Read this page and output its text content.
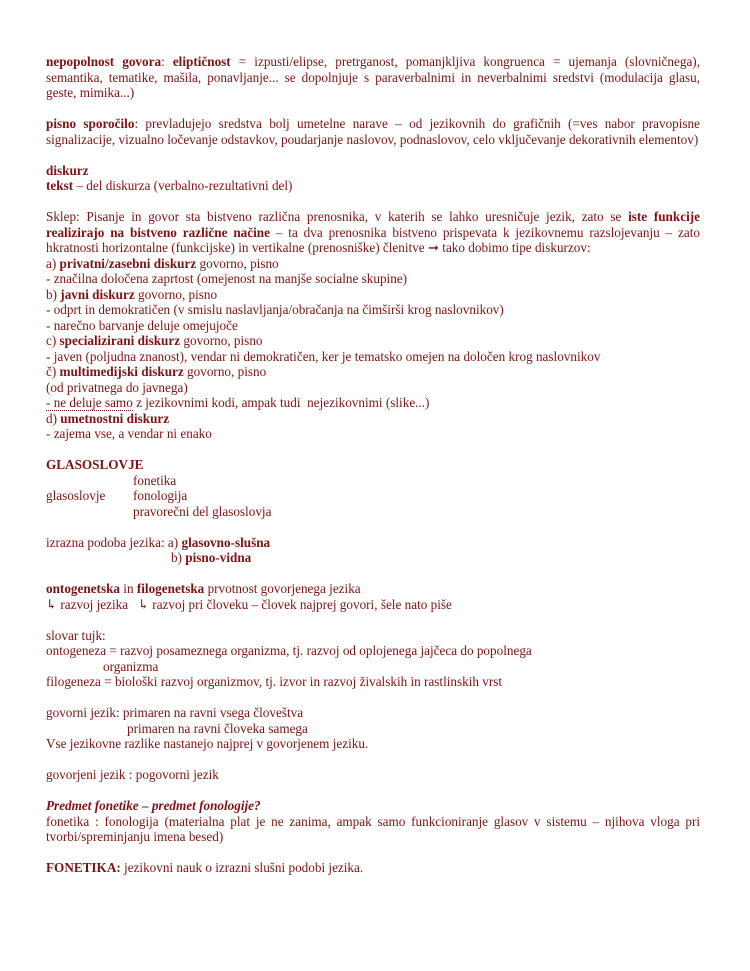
nepopolnost govora: eliptičnost = izpusti/elipse, pretrganost, pomanjkljiva kongruenca = ujemanja (slovničnega), semantika, tematike, mašila, ponavljanje... se dopolnjuje s paraverbalnimi in neverbalnimi sredstvi (modulacija glasu, geste, mimika...)
pisno sporočilo: prevladujejo sredstva bolj umetelne narave – od jezikovnih do grafičnih (=ves nabor pravopisne signalizacije, vizualno ločevanje odstavkov, poudarjanje naslovov, podnaslovov, celo vključevanje dekorativnih elementov)
diskurz
tekst – del diskurza (verbalno-rezultativni del)
Sklep: Pisanje in govor sta bistveno različna prenosnika, v katerih se lahko uresničuje jezik, zato se iste funkcije realizirajo na bistveno različne načine – ta dva prenosnika bistveno prispevata k jezikovnemu razslojevanju – zato hkratnosti horizontalne (funkcijske) in vertikalne (prenosniške) členitve ➞ tako dobimo tipe diskurzov:
a) privatni/zasebni diskurz govorno, pisno
- značilna določena zaprtost (omejenost na manjše socialne skupine)
b) javni diskurz govorno, pisno
- odprt in demokratičen (v smislu naslavljanja/obračanja na čimširši krog naslovnikov)
- narečno barvanje deluje omejujoče
c) specializirani diskurz govorno, pisno
- javen (poljudna znanost), vendar ni demokratičen, ker je tematsko omejen na določen krog naslovnikov
č) multimedijski diskurz govorno, pisno
(od privatnega do javnega)
- ne deluje samo z jezikovnimi kodi, ampak tudi  nejezikovnimi (slike...)
d) umetnostni diskurz
- zajema vse, a vendar ni enako
GLASOSLOVJE
fonetika
glasoslovje fonologija
pravorečni del glasoslovja
izrazna podoba jezika: a) glasovno-slušna
b) pisno-vidna
ontogenetska in filogenetska prvotnost govorjenega jezika
↳ razvoj jezika   ↳ razvoj pri človeku – človek najprej govori, šele nato piše
slovar tujk:
ontogeneza = razvoj posameznega organizma, tj. razvoj od oplojenega jajčeca do popolnega
organizma
filogeneza = biološki razvoj organizmov, tj. izvor in razvoj živalskih in rastlinskih vrst
govorni jezik: primaren na ravni vsega človeštva
primaren na ravni človeka samega
Vse jezikovne razlike nastanejo najprej v govorjenem jeziku.
govorjeni jezik : pogovorni jezik
Predmet fonetike – predmet fonologije?
fonetika : fonologija (materialna plat je ne zanima, ampak samo funkcioniranje glasov v sistemu – njihova vloga pri tvorbi/spreminjanju imena besed)
FONETIKA: jezikovni nauk o izrazni slušni podobi jezika.
